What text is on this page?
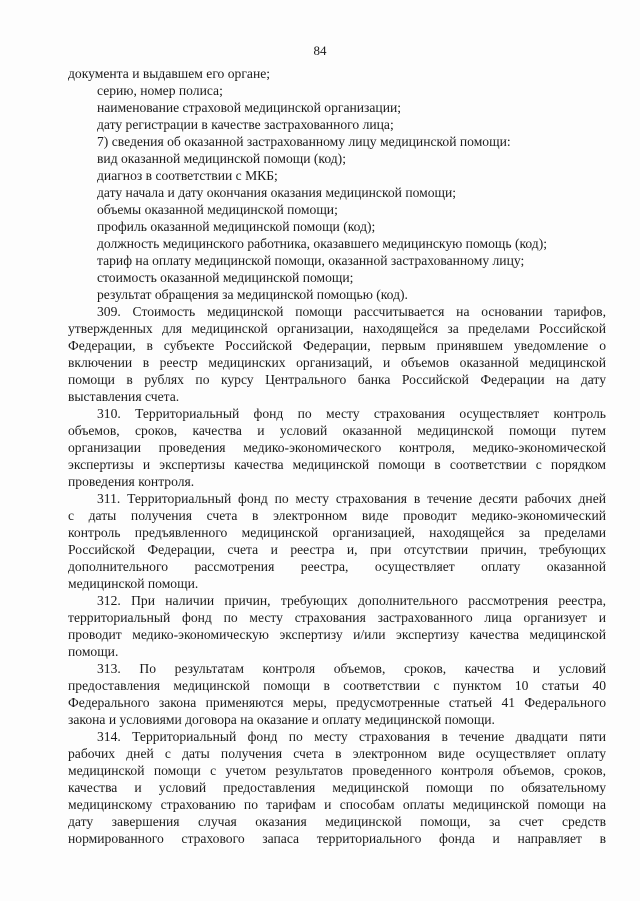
84
документа и выдавшем его органе;
серию, номер полиса;
наименование страховой медицинской организации;
дату регистрации в качестве застрахованного лица;
7) сведения об оказанной застрахованному лицу медицинской помощи:
вид оказанной медицинской помощи (код);
диагноз в соответствии с МКБ;
дату начала и дату окончания оказания медицинской помощи;
объемы оказанной медицинской помощи;
профиль оказанной медицинской помощи (код);
должность медицинского работника, оказавшего медицинскую помощь (код);
тариф на оплату медицинской помощи, оказанной застрахованному лицу;
стоимость оказанной медицинской помощи;
результат обращения за медицинской помощью (код).
309. Стоимость медицинской помощи рассчитывается на основании тарифов,
утвержденных для медицинской организации, находящейся за пределами Российской
Федерации, в субъекте Российской Федерации, первым принявшем уведомление о
включении в реестр медицинских организаций, и объемов оказанной медицинской
помощи в рублях по курсу Центрального банка Российской Федерации на дату
выставления счета.
310. Территориальный фонд по месту страхования осуществляет контроль
объемов, сроков, качества и условий оказанной медицинской помощи путем
организации проведения медико-экономического контроля, медико-экономической
экспертизы и экспертизы качества медицинской помощи в соответствии с порядком
проведения контроля.
311. Территориальный фонд по месту страхования в течение десяти рабочих дней
с даты получения счета в электронном виде проводит медико-экономический
контроль предъявленного медицинской организацией, находящейся за пределами
Российской Федерации, счета и реестра и, при отсутствии причин, требующих
дополнительного рассмотрения реестра, осуществляет оплату оказанной
медицинской помощи.
312. При наличии причин, требующих дополнительного рассмотрения реестра,
территориальный фонд по месту страхования застрахованного лица организует и
проводит медико-экономическую экспертизу и/или экспертизу качества медицинской
помощи.
313. По результатам контроля объемов, сроков, качества и условий
предоставления медицинской помощи в соответствии с пунктом 10 статьи 40
Федерального закона применяются меры, предусмотренные статьей 41 Федерального
закона и условиями договора на оказание и оплату медицинской помощи.
314. Территориальный фонд по месту страхования в течение двадцати пяти
рабочих дней с даты получения счета в электронном виде осуществляет оплату
медицинской помощи с учетом результатов проведенного контроля объемов, сроков,
качества и условий предоставления медицинской помощи по обязательному
медицинскому страхованию по тарифам и способам оплаты медицинской помощи на
дату завершения случая оказания медицинской помощи, за счет средств
нормированного страхового запаса территориального фонда и направляет в
